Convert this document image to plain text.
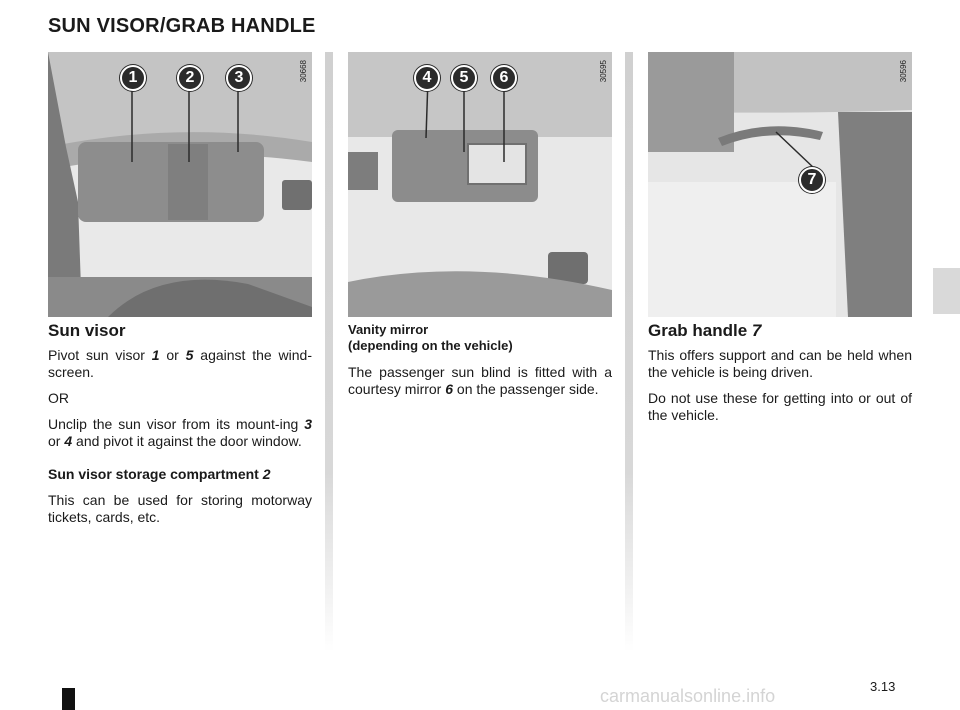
SUN VISOR/GRAB HANDLE
30668
1	2	3	30595
4	5	6	30596
7
Sun visor

Pivot sun visor 1 or 5 against the wind-screen.

OR

Unclip the sun visor from its mount-ing 3 or 4 and pivot it against the door window.

Sun visor storage compartment 2

This can be used for storing motorway tickets, cards, etc.

Vanity mirror
(depending on the vehicle)

The passenger sun blind is fitted with a courtesy mirror 6 on the passenger side.

Grab handle 7

This offers support and can be held when the vehicle is being driven.

Do not use these for getting into or out of the vehicle.

3.13
carmanualsonline.info
